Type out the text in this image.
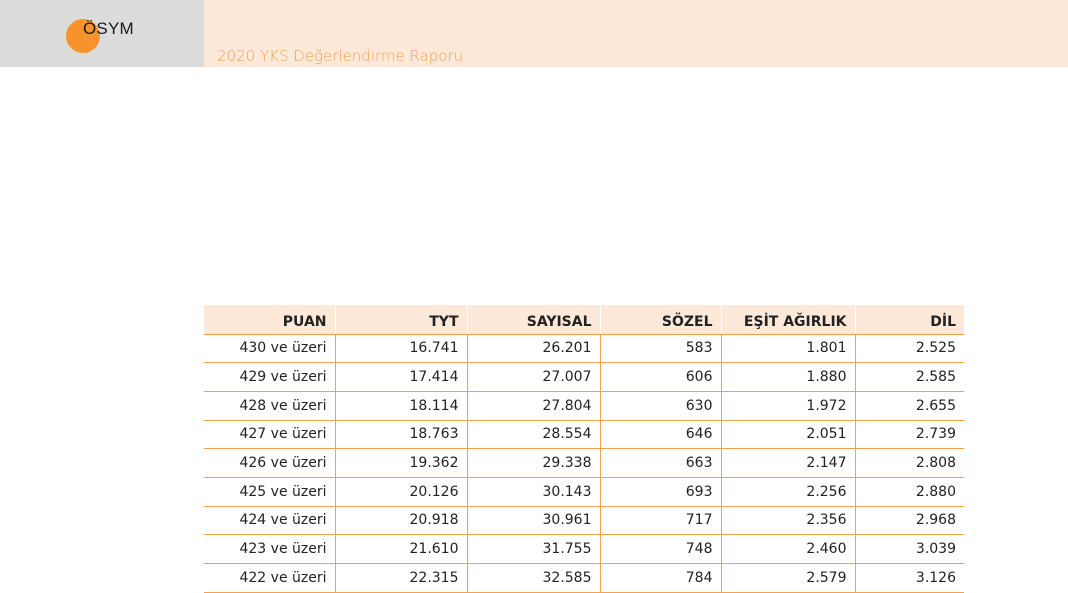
ÖSYM
2020 YKS Değerlendirme Raporu
PUAN	TYT	SAYISAL	SÖZEL	EŞİT AĞIRLIK	DİL
430 ve üzeri	16.741	26.201	583	1.801	2.525
429 ve üzeri	17.414	27.007	606	1.880	2.585
428 ve üzeri	18.114	27.804	630	1.972	2.655
427 ve üzeri	18.763	28.554	646	2.051	2.739
426 ve üzeri	19.362	29.338	663	2.147	2.808
425 ve üzeri	20.126	30.143	693	2.256	2.880
424 ve üzeri	20.918	30.961	717	2.356	2.968
423 ve üzeri	21.610	31.755	748	2.460	3.039
422 ve üzeri	22.315	32.585	784	2.579	3.126
